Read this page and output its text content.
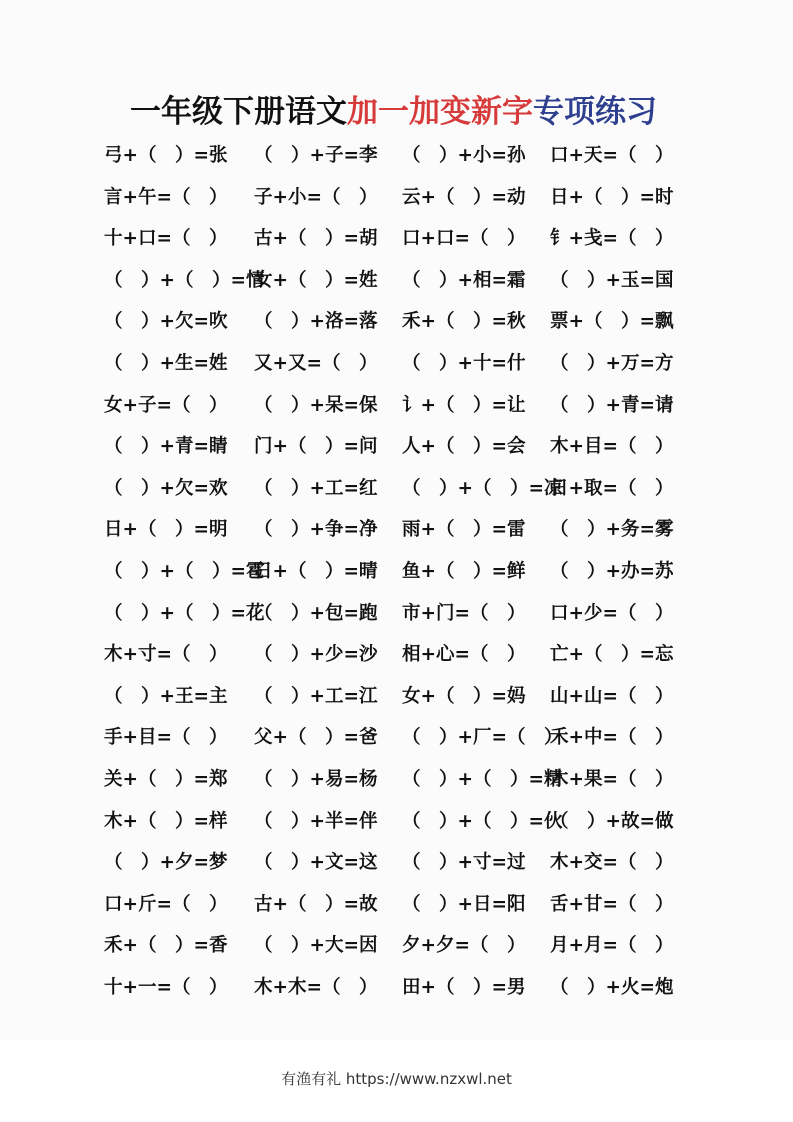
一年级下册语文加一加变新字专项练习
弓+（　）=张 （　）+子=李 （　）+小=孙 口+天=（　）
言+午=（　） 子+小=（　） 云+（　）=动 日+（　）=时
十+口=（　） 古+（　）=胡 口+口=（　） 钅+戋=（　）
（　）+（　）=情
女+（　）=姓 （　）+相=霜 （　）+玉=国
（　）+欠=吹 （　）+洛=落 禾+（　）=秋 票+（　）=飘
（　）+生=姓 又+又=（　） （　）+十=什 （　）+万=方
女+子=（　） （　）+呆=保 讠+（　）=让 （　）+青=请
（　）+青=睛 门+（　）=问 人+（　）=会 木+目=（　）
（　）+欠=欢 （　）+工=红 （　）+（　）=凉
日+取=（　）
日+（　）=明 （　）+争=净 雨+（　）=雷 （　）+务=雾
（　）+（　）=雹
日+（　）=晴 鱼+（　）=鲜 （　）+办=苏
（　）+（　）=花
（　）+包=跑 市+门=（　） 口+少=（　）
木+寸=（　） （　）+少=沙 相+心=（　） 亡+（　）=忘
（　）+王=主 （　）+工=江 女+（　）=妈 山+山=（　）
手+目=（　） 父+（　）=爸 （　）+厂=（　）
禾+中=（　）
关+（　）=郑 （　）+易=杨 （　）+（　）=精
木+果=（　）
木+（　）=样 （　）+半=伴 （　）+（　）=伙
（　）+故=做
（　）+夕=梦 （　）+文=这 （　）+寸=过 木+交=（　）
口+斤=（　） 古+（　）=故 （　）+日=阳 舌+甘=（　）
禾+（　）=香 （　）+大=因 夕+夕=（　） 月+月=（　）
十+一=（　） 木+木=（　） 田+（　）=男 （　）+火=炮
有渔有礼 https://www.nzxwl.net
